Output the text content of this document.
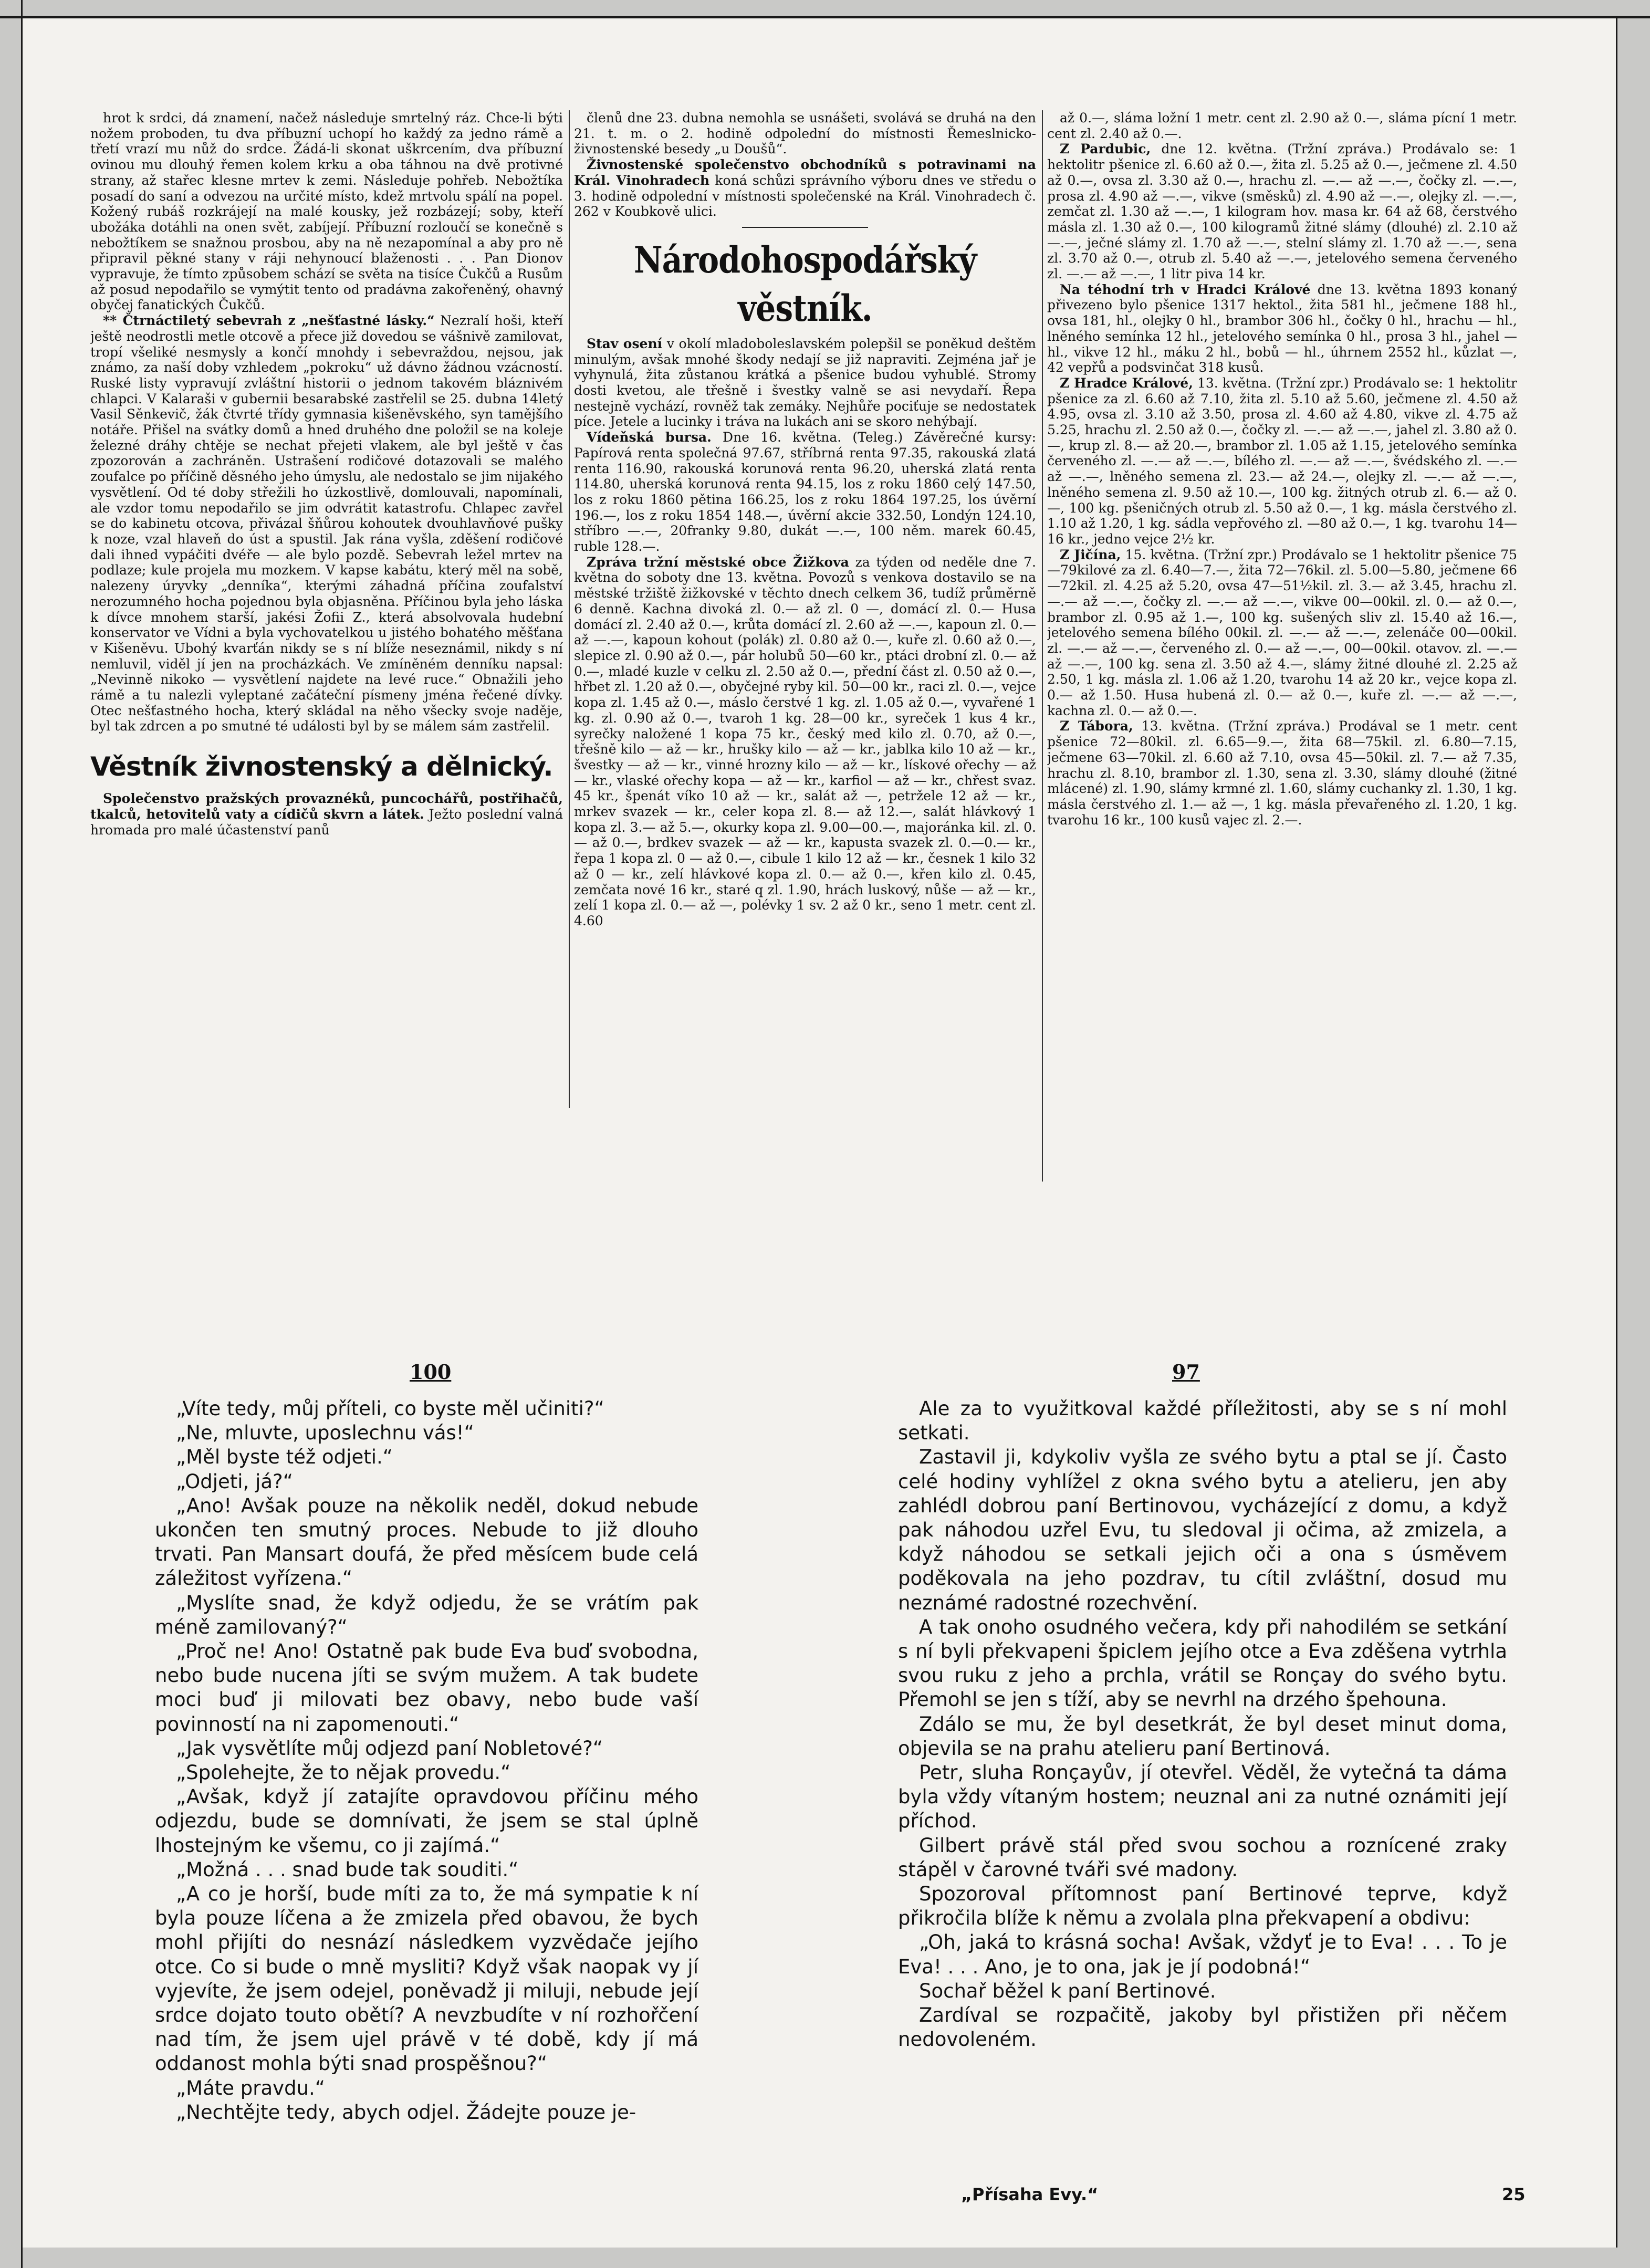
hrot k srdci, dá znamení, načež následuje smrtelný ráz. Chce-li býti nožem proboden, tu dva příbuzní uchopí ho každý za jedno rámě a třetí vrazí mu nůž do srdce. Žádá-li skonat uškrcením, dva příbuzní ovinou mu dlouhý řemen kolem krku a oba táhnou na dvě protivné strany, až stařec klesne mrtev k zemi. Následuje pohřeb. Nebožtíka posadí do saní a odvezou na určité místo, kdež mrtvolu spálí na popel. Kožený rubáš rozkrájejí na malé kousky, jež rozbázejí; soby, kteří ubožáka dotáhli na onen svět, zabíjejí. Příbuzní rozloučí se konečně s nebožtíkem se snažnou prosbou, aby na ně nezapomínal a aby pro ně připravil pěkné stany v ráji nehynoucí blaženosti . . . Pan Dionov vypravuje, že tímto způsobem schází se světa na tisíce Čukčů a Rusům až posud nepodařilo se vymýtit tento od pradávna zakořeněný, ohavný obyčej fanatických Čukčů.

** Čtrnáctiletý sebevrah z „nešťastné lásky.“ Nezralí hoši, kteří ještě neodrostli metle otcově a přece již dovedou se vášnivě zamilovat, tropí všeliké nesmysly a končí mnohdy i sebevraždou, nejsou, jak známo, za naší doby vzhledem „pokroku“ už dávno žádnou vzácností. Ruské listy vypravují zvláštní historii o jednom takovém bláznivém chlapci. V Kalaraši v gubernii besarabské zastřelil se 25. dubna 14letý Vasil Sěnkevič, žák čtvrté třídy gymnasia kišeněvského, syn tamějšího notáře. Přišel na svátky domů a hned druhého dne položil se na koleje železné dráhy chtěje se nechat přejeti vlakem, ale byl ještě v čas zpozorován a zachráněn. Ustrašení rodičové dotazovali se malého zoufalce po příčině děsného jeho úmyslu, ale nedostalo se jim nijakého vysvětlení. Od té doby střežili ho úzkostlivě, domlouvali, napomínali, ale vzdor tomu nepodařilo se jim odvrátit katastrofu. Chlapec zavřel se do kabinetu otcova, přivázal šňůrou kohoutek dvouhlavňové pušky k noze, vzal hlaveň do úst a spustil. Jak rána vyšla, zděšení rodičové dali ihned vypáčiti dvéře — ale bylo pozdě. Sebevrah ležel mrtev na podlaze; kule projela mu mozkem. V kapse kabátu, který měl na sobě, nalezeny úryvky „denníka“, kterými záhadná příčina zoufalství nerozumného hocha pojednou byla objasněna. Příčinou byla jeho láska k dívce mnohem starší, jakési Žofii Z., která absolvovala hudební konservator ve Vídni a byla vychovatelkou u jistého bohatého měšťana v Kišeněvu. Ubohý kvarťán nikdy se s ní blíže neseznámil, nikdy s ní nemluvil, viděl jí jen na procházkách. Ve zmíněném denníku napsal: „Nevinně nikoko — vysvětlení najdete na levé ruce.“ Obnažili jeho rámě a tu nalezli vyleptané začáteční písmeny jména řečené dívky. Otec nešťastného hocha, který skládal na něho všecky svoje naděje, byl tak zdrcen a po smutné té události byl by se málem sám zastřelil.

Věstník živnostenský a dělnický.

Společenstvo pražských provaznéků, puncochářů, postřihačů, tkalců, hetovitelů vaty a cídičů skvrn a látek. Ježto poslední valná hromada pro malé účastenství panů

členů dne 23. dubna nemohla se usnášeti, svolává se druhá na den 21. t. m. o 2. hodině odpolední do místnosti Řemeslnicko-živnostenské besedy „u Doušů“.

Živnostenské společenstvo obchodníků s potravinami na Král. Vinohradech koná schůzi správního výboru dnes ve středu o 3. hodině odpolední v místnosti společenské na Král. Vinohradech č. 262 v Koubkově ulici.

Národohospodářský věstník.

Stav osení v okolí mladoboleslavském polepšil se poněkud deštěm minulým, avšak mnohé škody nedají se již napraviti. Zejména jař je vyhynulá, žita zůstanou krátká a pšenice budou vyhublé. Stromy dosti kvetou, ale třešně i švestky valně se asi nevydaří. Řepa nestejně vychází, rovněž tak zemáky. Nejhůře pociťuje se nedostatek píce. Jetele a lucinky i tráva na lukách ani se skoro nehýbají.

Vídeňská bursa. Dne 16. května. (Teleg.) Závěrečné kursy: Papírová renta společná 97.67, stříbrná renta 97.35, rakouská zlatá renta 116.90, rakouská korunová renta 96.20, uherská zlatá renta 114.80, uherská korunová renta 94.15, los z roku 1860 celý 147.50, los z roku 1860 pětina 166.25, los z roku 1864 197.25, los úvěrní 196.—, los z roku 1854 148.—, úvěrní akcie 332.50, Londýn 124.10, stříbro —.—, 20franky 9.80, dukát —.—, 100 něm. marek 60.45, ruble 128.—.

Zpráva tržní městské obce Žižkova za týden od neděle dne 7. května do soboty dne 13. května. Povozů s venkova dostavilo se na městské tržiště žižkovské v těchto dnech celkem 36, tudíž průměrně 6 denně. Kachna divoká zl. 0.— až zl. 0 —, domácí zl. 0.— Husa domácí zl. 2.40 až 0.—, krůta domácí zl. 2.60 až —.—, kapoun zl. 0.— až —.—, kapoun kohout (polák) zl. 0.80 až 0.—, kuře zl. 0.60 až 0.—, slepice zl. 0.90 až 0.—, pár holubů 50—60 kr., ptáci drobní zl. 0.— až 0.—, mladé kuzle v celku zl. 2.50 až 0.—, přední část zl. 0.50 až 0.—, hřbet zl. 1.20 až 0.—, obyčejné ryby kil. 50—00 kr., raci zl. 0.—, vejce kopa zl. 1.45 až 0.—, máslo čerstvé 1 kg. zl. 1.05 až 0.—, vyvařené 1 kg. zl. 0.90 až 0.—, tvaroh 1 kg. 28—00 kr., syreček 1 kus 4 kr., syrečky naložené 1 kopa 75 kr., český med kilo zl. 0.70, až 0.—, třešně kilo — až — kr., hrušky kilo — až — kr., jablka kilo 10 až — kr., švestky — až — kr., vinné hrozny kilo — až — kr., lískové ořechy — až — kr., vlaské ořechy kopa — až — kr., karfiol — až — kr., chřest svaz. 45 kr., špenát víko 10 až — kr., salát až —, petržele 12 až — kr., mrkev svazek — kr., celer kopa zl. 8.— až 12.—, salát hlávkový 1 kopa zl. 3.— až 5.—, okurky kopa zl. 9.00—00.—, majoránka kil. zl. 0.— až 0.—, brdkev svazek — až — kr., kapusta svazek zl. 0.—0.— kr., řepa 1 kopa zl. 0 — až 0.—, cibule 1 kilo 12 až — kr., česnek 1 kilo 32 až 0 — kr., zelí hlávkové kopa zl. 0.— až 0.—, křen kilo zl. 0.45, zemčata nové 16 kr., staré q zl. 1.90, hrách luskový, nůše — až — kr., zelí 1 kopa zl. 0.— až —, polévky 1 sv. 2 až 0 kr., seno 1 metr. cent zl. 4.60

až 0.—, sláma ložní 1 metr. cent zl. 2.90 až 0.—, sláma pícní 1 metr. cent zl. 2.40 až 0.—.

Z Pardubic, dne 12. května. (Tržní zpráva.) Prodávalo se: 1 hektolitr pšenice zl. 6.60 až 0.—, žita zl. 5.25 až 0.—, ječmene zl. 4.50 až 0.—, ovsa zl. 3.30 až 0.—, hrachu zl. —.— až —.—, čočky zl. —.—, prosa zl. 4.90 až —.—, vikve (směsků) zl. 4.90 až —.—, olejky zl. —.—, zemčat zl. 1.30 až —.—, 1 kilogram hov. masa kr. 64 až 68, čerstvého másla zl. 1.30 až 0.—, 100 kilogramů žitné slámy (dlouhé) zl. 2.10 až —.—, ječné slámy zl. 1.70 až —.—, stelní slámy zl. 1.70 až —.—, sena zl. 3.70 až 0.—, otrub zl. 5.40 až —.—, jetelového semena červeného zl. —.— až —.—, 1 litr piva 14 kr.

Na téhodní trh v Hradci Králové dne 13. května 1893 konaný přivezeno bylo pšenice 1317 hektol., žita 581 hl., ječmene 188 hl., ovsa 181, hl., olejky 0 hl., brambor 306 hl., čočky 0 hl., hrachu — hl., lněného semínka 12 hl., jetelového semínka 0 hl., prosa 3 hl., jahel — hl., vikve 12 hl., máku 2 hl., bobů — hl., úhrnem 2552 hl., kůzlat —, 42 vepřů a podsvinčat 318 kusů.

Z Hradce Králové, 13. května. (Tržní zpr.) Prodávalo se: 1 hektolitr pšenice za zl. 6.60 až 7.10, žita zl. 5.10 až 5.60, ječmene zl. 4.50 až 4.95, ovsa zl. 3.10 až 3.50, prosa zl. 4.60 až 4.80, vikve zl. 4.75 až 5.25, hrachu zl. 2.50 až 0.—, čočky zl. —.— až —.—, jahel zl. 3.80 až 0.—, krup zl. 8.— až 20.—, brambor zl. 1.05 až 1.15, jetelového semínka červeného zl. —.— až —.—, bílého zl. —.— až —.—, švédského zl. —.— až —.—, lněného semena zl. 23.— až 24.—, olejky zl. —.— až —.—, lněného semena zl. 9.50 až 10.—, 100 kg. žitných otrub zl. 6.— až 0.—, 100 kg. pšeničných otrub zl. 5.50 až 0.—, 1 kg. másla čerstvého zl. 1.10 až 1.20, 1 kg. sádla vepřového zl. —80 až 0.—, 1 kg. tvarohu 14—16 kr., jedno vejce 2½ kr.

Z Jičína, 15. května. (Tržní zpr.) Prodávalo se 1 hektolitr pšenice 75—79kilové za zl. 6.40—7.—, žita 72—76kil. zl. 5.00—5.80, ječmene 66—72kil. zl. 4.25 až 5.20, ovsa 47—51½kil. zl. 3.— až 3.45, hrachu zl. —.— až —.—, čočky zl. —.— až —.—, vikve 00—00kil. zl. 0.— až 0.—, brambor zl. 0.95 až 1.—, 100 kg. sušených sliv zl. 15.40 až 16.—, jetelového semena bílého 00kil. zl. —.— až —.—, zelenáče 00—00kil. zl. —.— až —.—, červeného zl. 0.— až —.—, 00—00kil. otavov. zl. —.— až —.—, 100 kg. sena zl. 3.50 až 4.—, slámy žitné dlouhé zl. 2.25 až 2.50, 1 kg. másla zl. 1.06 až 1.20, tvarohu 14 až 20 kr., vejce kopa zl. 0.— až 1.50. Husa hubená zl. 0.— až 0.—, kuře zl. —.— až —.—, kachna zl. 0.— až 0.—.

Z Tábora, 13. května. (Tržní zpráva.) Prodával se 1 metr. cent pšenice 72—80kil. zl. 6.65—9.—, žita 68—75kil. zl. 6.80—7.15, ječmene 63—70kil. zl. 6.60 až 7.10, ovsa 45—50kil. zl. 7.— až 7.35, hrachu zl. 8.10, brambor zl. 1.30, sena zl. 3.30, slámy dlouhé (žitné mlácené) zl. 1.90, slámy krmné zl. 1.60, slámy cuchanky zl. 1.30, 1 kg. másla čerstvého zl. 1.— až —, 1 kg. másla převařeného zl. 1.20, 1 kg. tvarohu 16 kr., 100 kusů vajec zl. 2.—.

100	97

„Víte tedy, můj příteli, co byste měl učiniti?“

„Ne, mluvte, uposlechnu vás!“

„Měl byste též odjeti.“

„Odjeti, já?“

„Ano! Avšak pouze na několik neděl, dokud nebude ukončen ten smutný proces. Nebude to již dlouho trvati. Pan Mansart doufá, že před měsícem bude celá záležitost vyřízena.“

„Myslíte snad, že když odjedu, že se vrátím pak méně zamilovaný?“

„Proč ne! Ano! Ostatně pak bude Eva buď svobodna, nebo bude nucena jíti se svým mužem. A tak budete moci buď ji milovati bez obavy, nebo bude vaší povinností na ni zapomenouti.“

„Jak vysvětlíte můj odjezd paní Nobletové?“

„Spolehejte, že to nějak provedu.“

„Avšak, když jí zatajíte opravdovou příčinu mého odjezdu, bude se domnívati, že jsem se stal úplně lhostejným ke všemu, co ji zajímá.“

„Možná . . . snad bude tak souditi.“

„A co je horší, bude míti za to, že má sympatie k ní byla pouze líčena a že zmizela před obavou, že bych mohl přijíti do nesnází následkem vyzvědače jejího otce. Co si bude o mně mysliti? Když však naopak vy jí vyjevíte, že jsem odejel, poněvadž ji miluji, nebude její srdce dojato touto obětí? A nevzbudíte v ní rozhořčení nad tím, že jsem ujel právě v té době, kdy jí má oddanost mohla býti snad prospěšnou?“

„Máte pravdu.“

„Nechtějte tedy, abych odjel. Žádejte pouze je-

Ale za to využitkoval každé příležitosti, aby se s ní mohl setkati.

Zastavil ji, kdykoliv vyšla ze svého bytu a ptal se jí. Často celé hodiny vyhlížel z okna svého bytu a atelieru, jen aby zahlédl dobrou paní Bertinovou, vycházející z domu, a když pak náhodou uzřel Evu, tu sledoval ji očima, až zmizela, a když náhodou se setkali jejich oči a ona s úsměvem poděkovala na jeho pozdrav, tu cítil zvláštní, dosud mu neznámé radostné rozechvění.

A tak onoho osudného večera, kdy při nahodilém se setkání s ní byli překvapeni špiclem jejího otce a Eva zděšena vytrhla svou ruku z jeho a prchla, vrátil se Ronçay do svého bytu. Přemohl se jen s tíží, aby se nevrhl na drzého špehouna.

Zdálo se mu, že byl desetkrát, že byl deset minut doma, objevila se na prahu atelieru paní Bertinová.

Petr, sluha Ronçayův, jí otevřel. Věděl, že vytečná ta dáma byla vždy vítaným hostem; neuznal ani za nutné oznámiti její příchod.

Gilbert právě stál před svou sochou a roznícené zraky stápěl v čarovné tváři své madony.

Spozoroval přítomnost paní Bertinové teprve, když přikročila blíže k němu a zvolala plna překvapení a obdivu:

„Oh, jaká to krásná socha! Avšak, vždyť je to Eva! . . . To je Eva! . . . Ano, je to ona, jak je jí podobná!“

Sochař běžel k paní Bertinové.

Zardíval se rozpačitě, jakoby byl přistižen při něčem nedovoleném.

„Přísaha Evy.“	25
